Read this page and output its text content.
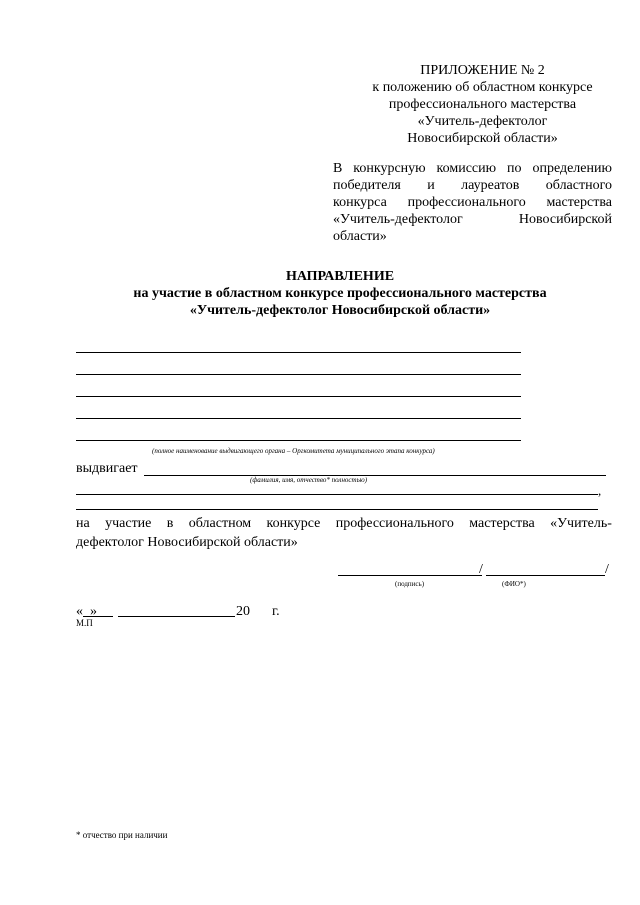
ПРИЛОЖЕНИЕ № 2
к положению об областном конкурсе
профессионального мастерства
«Учитель-дефектолог
Новосибирской области»
В конкурсную комиссию по определению
победителя и лауреатов областного
конкурса профессионального мастерства
«Учитель-дефектолог	Новосибирской
области»
НАПРАВЛЕНИЕ
на участие в областном конкурсе профессионального мастерства
«Учитель-дефектолог Новосибирской области»
(полное наименование выдвигающего органа – Оргкомитета муниципального этапа конкурса)
выдвигает
(фамилия, имя, отчество* полностью)
,
на участие в областном конкурсе профессионального мастерства «Учитель-
дефектолог Новосибирской области»
/	/
(подпись)	(ФИО*)
« »	20 г.
М.П
* отчество при наличии
